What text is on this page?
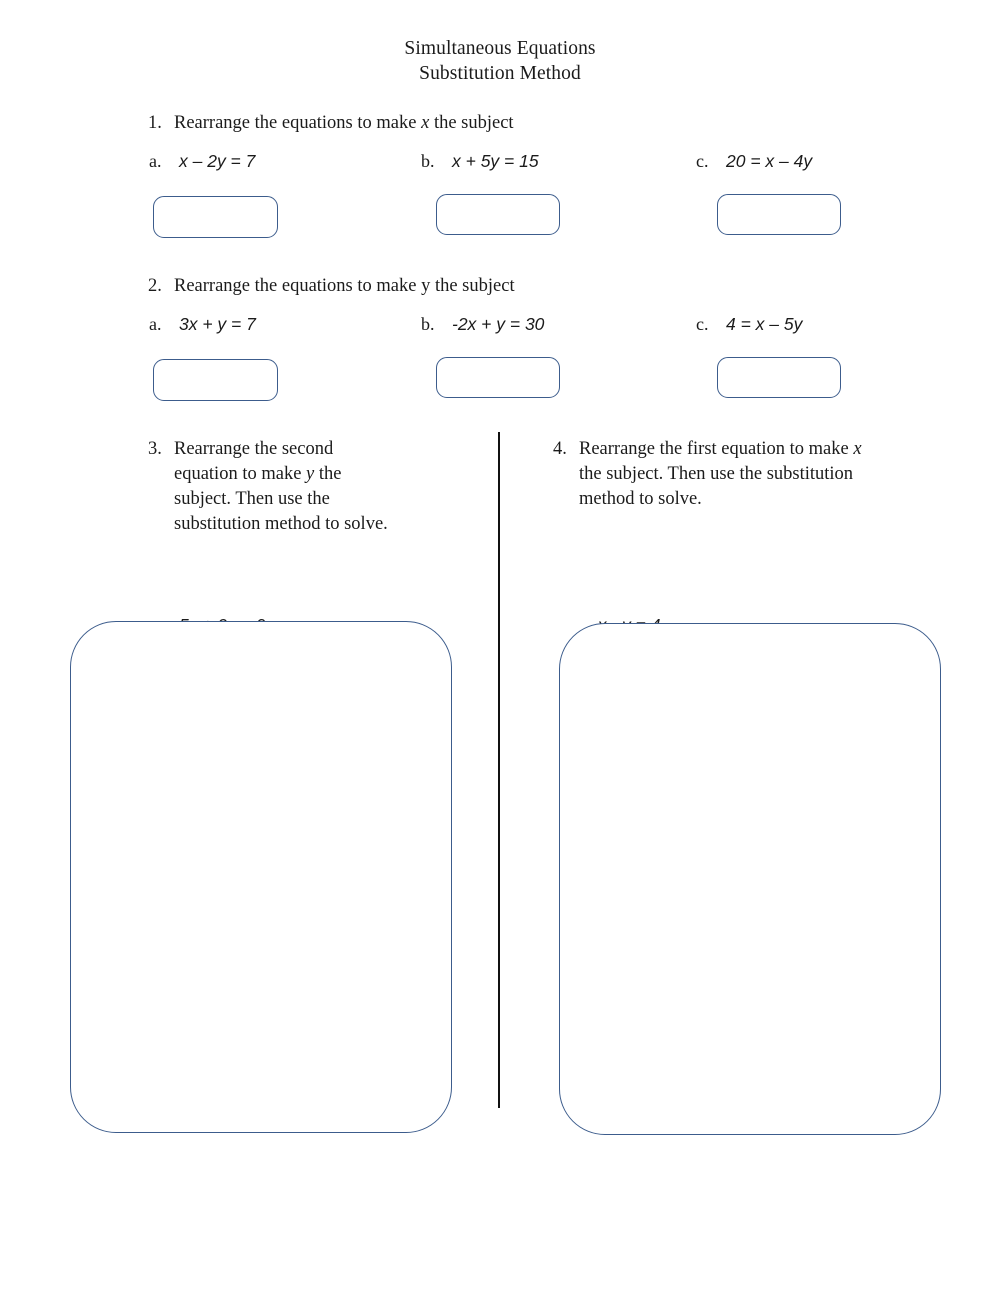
Simultaneous Equations
Substitution Method
1. Rearrange the equations to make x the subject
a. x – 2y = 7	b. x + 5y = 15	c. 20 = x – 4y
2. Rearrange the equations to make y the subject
a. 3x + y = 7	b. -2x + y = 30	c. 4 = x – 5y
3. Rearrange the second equation to make y the subject. Then use the substitution method to solve.

4. Rearrange the first equation to make x the subject. Then use the substitution method to solve.
